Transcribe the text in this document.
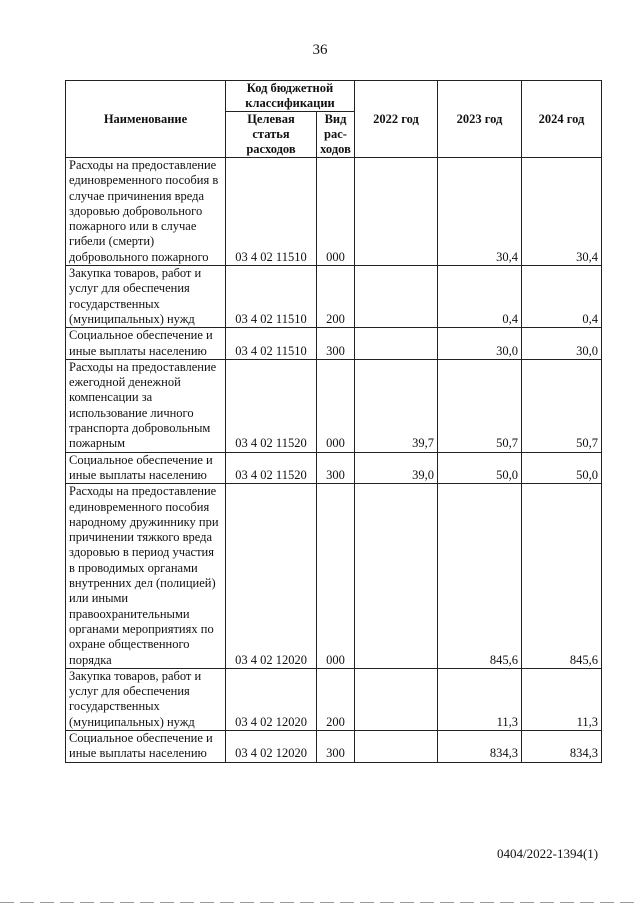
36
Наименование	Код бюджетной классификации		2022 год	2023 год	2024 год
	Целевая статья расходов	Вид рас-ходов			
Расходы на предоставление единовременного пособия в случае причинения вреда здоровью добровольного пожарного или в случае гибели (смерти) добровольного пожарного	03 4 02 11510	000		30,4	30,4
Закупка товаров, работ и услуг для обеспечения государственных (муниципальных) нужд	03 4 02 11510	200		0,4	0,4
Социальное обеспечение и иные выплаты населению	03 4 02 11510	300		30,0	30,0
Расходы на предоставление ежегодной денежной компенсации за использование личного транспорта добровольным пожарным	03 4 02 11520	000	39,7	50,7	50,7
Социальное обеспечение и иные выплаты населению	03 4 02 11520	300	39,0	50,0	50,0
Расходы на предоставление единовременного пособия народному дружиннику при причинении тяжкого вреда здоровью в период участия в проводимых органами внутренних дел (полицией) или иными правоохранительными органами мероприятиях по охране общественного порядка	03 4 02 12020	000		845,6	845,6
Закупка товаров, работ и услуг для обеспечения государственных (муниципальных) нужд	03 4 02 12020	200		11,3	11,3
Социальное обеспечение и иные выплаты населению	03 4 02 12020	300		834,3	834,3
0404/2022-1394(1)
